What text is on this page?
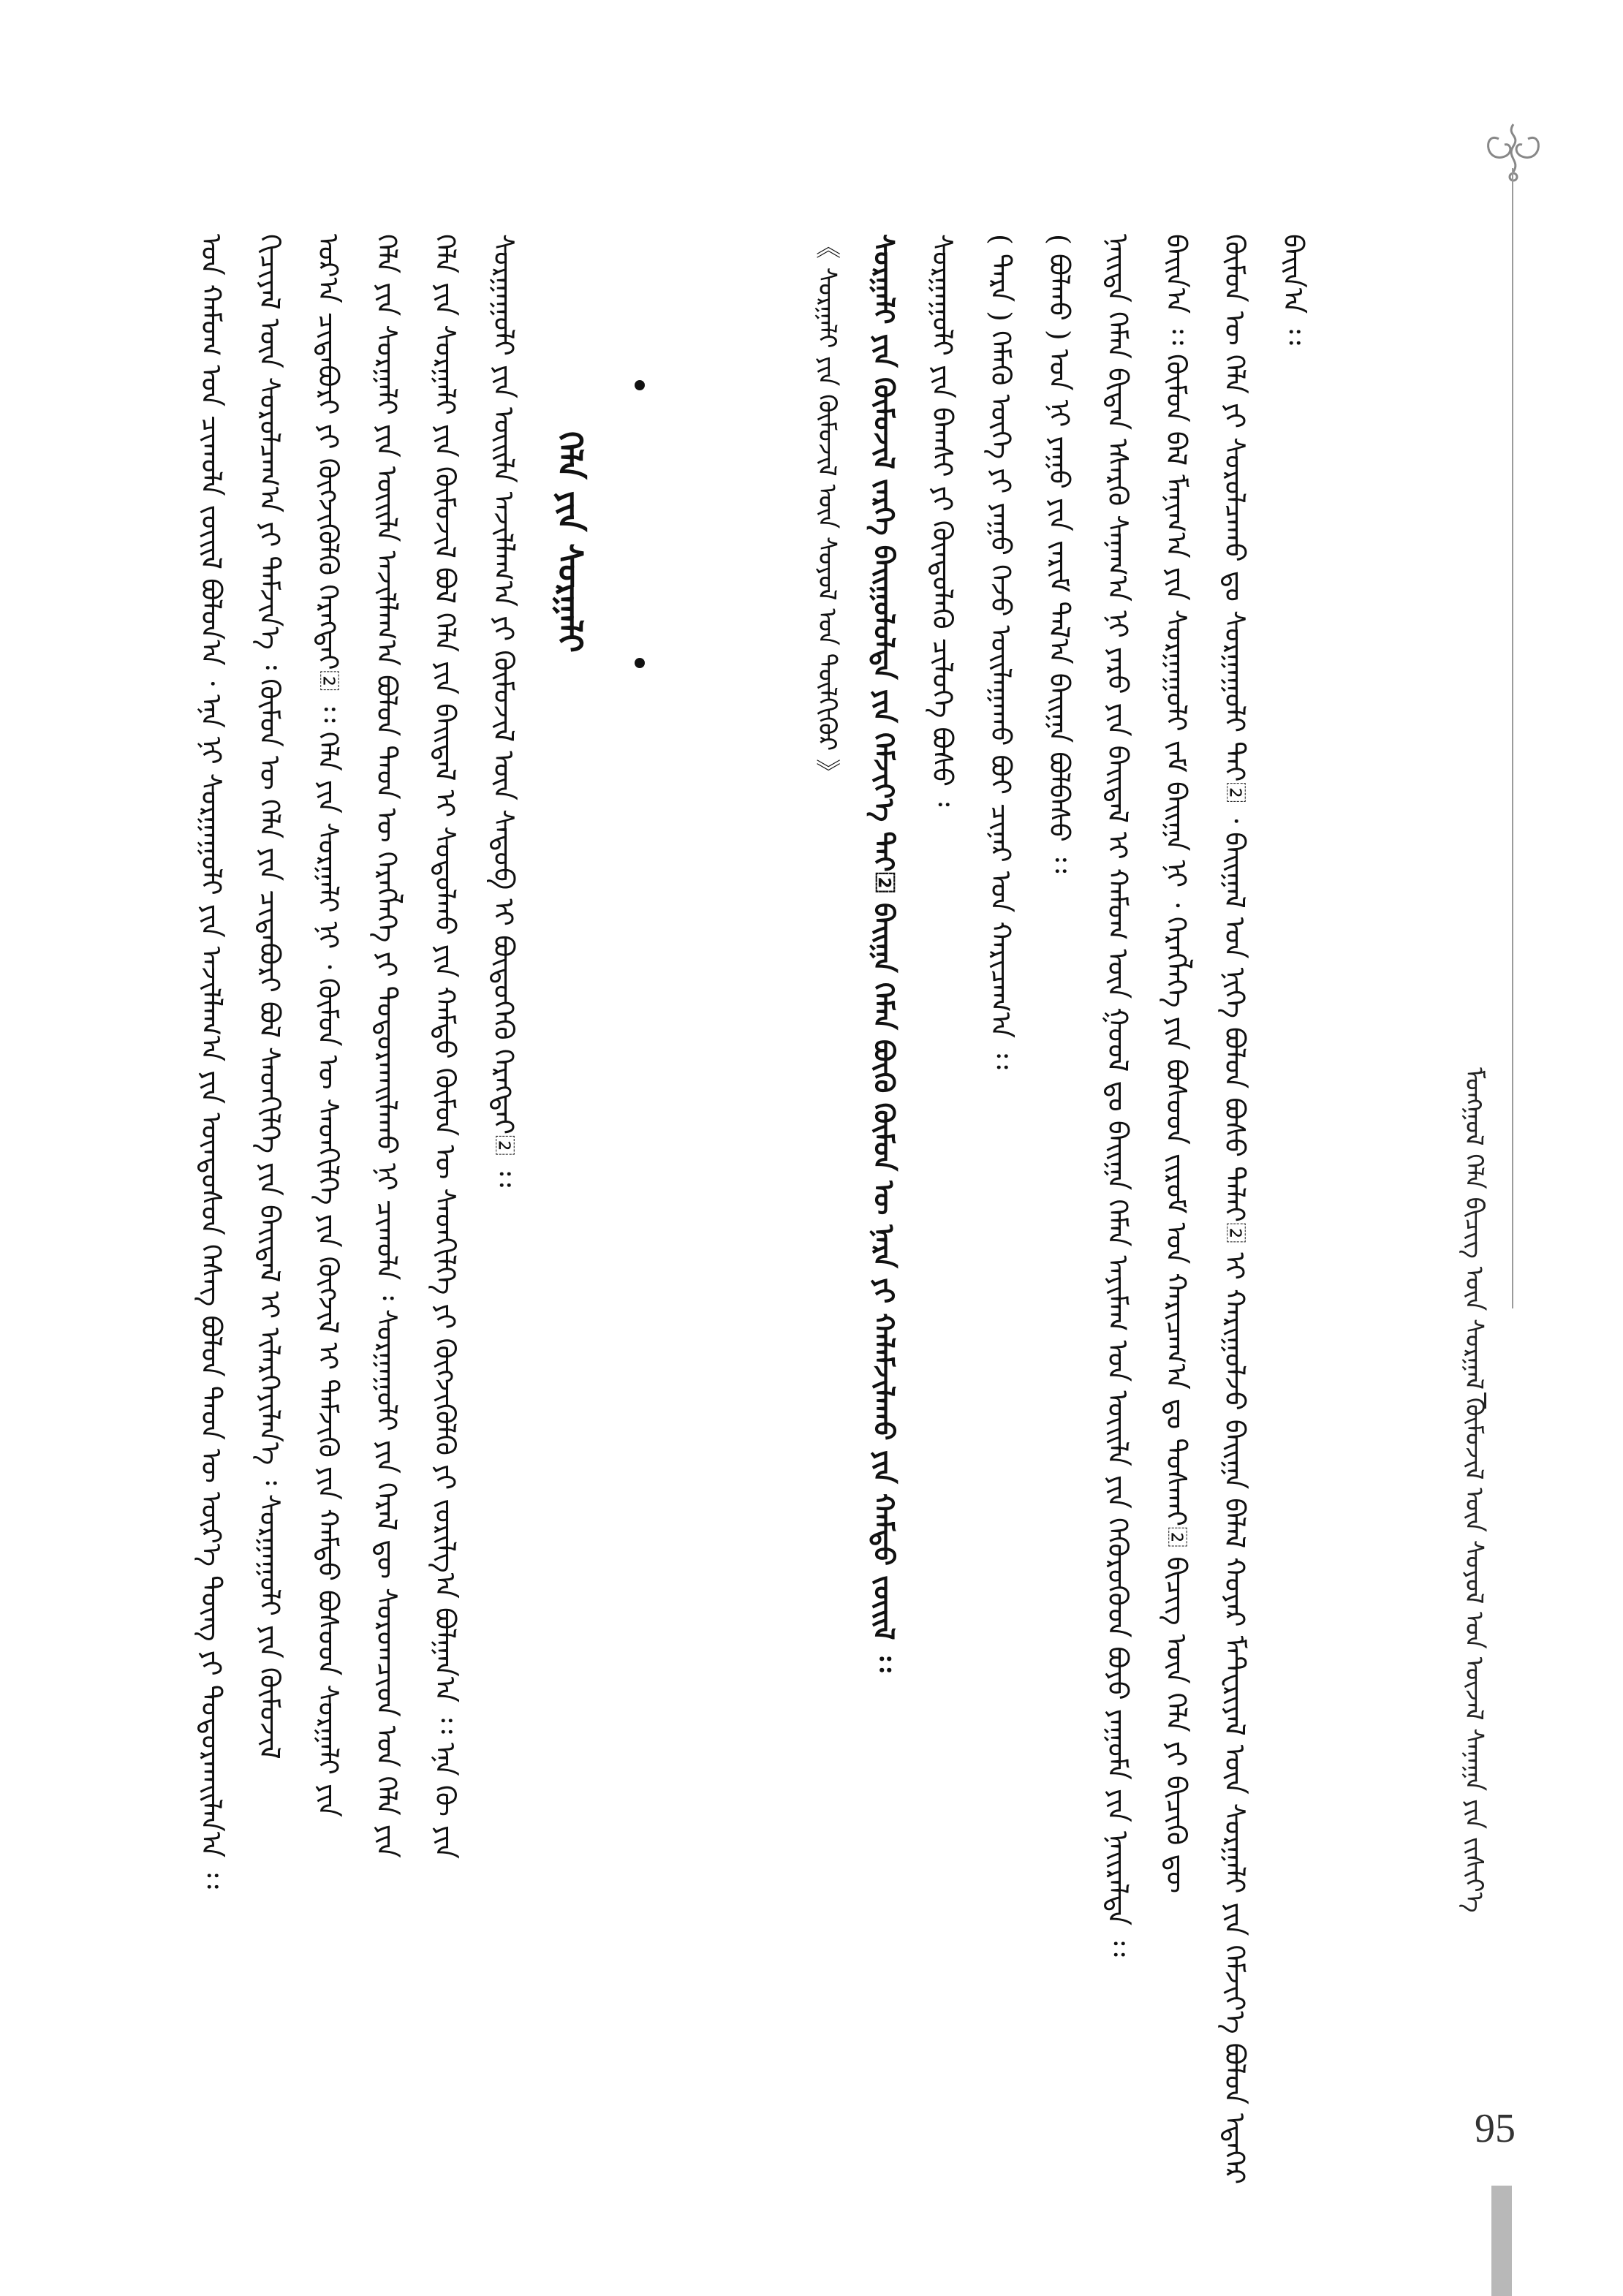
ᠮᠣᠩᠭᠣᠯ ᠬᠡᠯᠡ ᠪᠢᠴᠢᠭ ᠦᠨ ᠰᠤᠷᠭᠠᠯ ᠬᠦᠮᠦᠵᠢᠯ ᠦᠨ ᠰᠣᠶᠤᠯ ᠤᠨ ᠦᠵᠡᠯ ᠰᠠᠨᠠᠭᠠ ᠶᠢᠨ ᠵᠢᠱᠢᠶ᠎ᠡ
ᠪᠠᠢ᠌ᠨ᠎ᠠ ᠄᠄
ᠬᠦᠮᠦᠨ ᠦ ᠬᠡᠯᠡ ᠶᠢ ᠰᠤᠷᠤᠯᠴᠠᠬᠤ ᠳᠤ ᠰᠤᠷᠭᠠᠭᠤᠯᠢ ᠲᠠᠢ᠌ ᠂ ᠪᠠᠢ᠌ᠭᠠᠯ ᠤᠨ ᠨᠢᠭᠡ ᠪᠣᠯᠣᠨ ᠪᠤᠰᠤ ᠳᠠᠯᠠᠢ᠌ ᠢ ᠬᠠᠷᠢᠭᠤᠯᠵᠤ ᠪᠠᠢ᠌ᠭᠠ ᠪᠡᠯᠡᠯ ᠬᠣᠶᠠᠷ ᠮᠠᠲ᠋ᠧᠷᠢᠶᠠᠯ ᠦᠨ ᠰᠤᠷᠭᠠᠯᠢ ᠶᠢᠨ ᠬᠡᠮᠵᠢᠶ᠎ᠡ ᠪᠣᠯᠤᠨ ᠡᠳᠡᠭᠡᠷ
ᠪᠠᠢ᠌ᠨ᠎ᠠ ᠄᠄ ᠬᠦᠮᠦᠨ ᠪᠠᠯ ᠮᠠᠨᠢᠭ᠎ᠠ ᠶᠢᠨ ᠰᠤᠷᠭᠠᠭᠤᠯᠢ ᠵᠠᠮ ᠪᠠᠢ᠌ᠭᠠ ᠨᠢ ᠂ ᠬᠡᠷᠡᠭᠯᠡᠭᠡ ᠶᠢᠨ ᠪᠤᠰᠤᠳ ᠵᠢᠷᠤᠮ ᠤᠨ ᠬᠠᠷᠢᠴᠠᠭ᠎ᠠ ᠳᠤ ᠲᠤᠰᠬᠠᠢ᠌ ᠪᠢᠴᠢᠭ ᠦᠨ ᠬᠡᠯᠡ ᠶᠢ ᠪᠢᠴᠢᠬᠦ ᠳᠦ
ᠨᠡᠢ᠌ᠲᠡ ᠬᠡᠮᠡᠨ ᠪᠢᠳᠡᠨ ᠡᠰᠡᠷᠭᠦ ᠰᠠᠨᠠᠭ᠎ᠠ ᠨᠢ ᠶᠡᠷᠦ ᠶᠢᠨ ᠪᠠᠢ᠌ᠳᠠᠯ ᠢ ᠬᠠᠮᠤᠭ ᠦᠨ ᠭᠣᠣᠯ ᠳᠤ ᠪᠠᠢ᠌ᠭᠠ ᠬᠡᠮᠡᠨ ᠠᠶᠢᠮᠠᠭ ᠤᠨ ᠦᠢ᠌ᠯᠡ ᠶᠢᠨ ᠬᠡᠭᠦᠷᠦᠭᠦᠳ ᠪᠤᠶᠤ ᠶᠠᠭᠤᠮᠠ ᠶᠢᠨ ᠨᠠᠢ᠌ᠷᠠᠯᠲᠠ ᠄᠄
( ᠪᠣᠯᠬᠤ ) ᠤᠨ ᠨᠢ ᠶᠠᠭᠤ ᠶᠢᠨ ᠵᠠᠷᠢᠮ ᠲᠠᠯ᠎ᠠ ᠪᠠᠢ᠌ᠭᠠ ᠪᠣᠯᠪᠠᠰᠤ ᠄᠄
( ᠲᠡᠷᠡ ) ᠬᠡᠮᠡᠬᠦ ᠦᠭᠡ ᠶᠢ ᠶᠠᠭᠤ ᠭᠡᠵᠦ ᠣᠢ᠌ᠯᠠᠭᠠᠬᠤ ᠪᠤᠢ ᠴᠢᠨᠠᠷ ᠤᠨ ᠬᠠᠷᠢᠴᠠᠭ᠎ᠠ ᠄᠄
ᠰᠤᠷᠭᠠᠭᠤᠯᠢ ᠶᠢᠨ ᠪᠠᠭᠰᠢ ᠶᠢ ᠬᠦᠨᠳᠦᠯᠡᠬᠦ ᠴᠢᠯᠦᠭᠡ ᠪᠤᠰᠤ ᠄
ᠰᠤᠷᠭᠠᠯᠢ ᠶᠢᠨ ᠬᠦᠮᠦᠵᠢᠯ ᠵᠡᠷᠭᠡ ᠪᠠᠢ᠌ᠭᠤᠯᠤᠯᠲᠠ ᠶᠢᠨ ᠬᠡᠮᠵᠢᠶ᠎ᠡ ᠲᠠᠢ᠌ ᠪᠠᠢ᠌ᠭᠠ ᠬᠡᠮᠡᠨ ᠪᠦᠬᠦ ᠬᠦᠮᠦᠨ ᠦ ᠨᠡᠷᠡ ᠶᠢ ᠬᠠᠯᠠᠮᠵᠢᠯᠠᠬᠤ ᠶᠢᠨ ᠬᠠᠮᠲᠤ ᠵᠦᠢ᠌ᠯ ᠄᠄
《 ᠰᠤᠷᠭᠠᠯᠢ ᠶᠢᠨ ᠬᠦᠮᠦᠵᠢᠯ ᠦᠨ ᠰᠣᠶᠤᠯ ᠤᠨ ᠲᠦᠯᠬᠢᠭᠦᠷ 》
ᠬᠡᠯᠡ ᠶᠢᠨ ᠰᠤᠷᠭᠠᠯᠢ
ᠰᠤᠷᠭᠠᠭᠤᠯᠢ ᠶᠢᠨ ᠦᠢ᠌ᠯᠡ ᠠᠵᠢᠯᠯᠠᠭ᠎ᠠ ᠶᠢ ᠬᠦᠮᠦᠵᠢᠯ ᠦᠨ ᠰᠡᠳᠦᠪ ᠢ ᠪᠦᠲᠦᠭᠡᠬᠦ ᠬᠡᠷᠡᠭᠲᠡᠢ᠌ ᠄᠄
ᠬᠡᠯᠡ ᠶᠢᠨ ᠰᠤᠷᠭᠠᠯᠢ ᠶᠢᠨ ᠬᠦᠮᠦᠵᠢᠯ ᠪᠣᠯ ᠬᠡᠯᠡ ᠶᠢᠨ ᠪᠠᠢ᠌ᠳᠠᠯ ᠢ ᠰᠤᠳᠤᠯᠬᠤ ᠶᠢᠨ ᠬᠠᠮᠲᠤ ᠬᠦᠮᠦᠨ ᠦ ᠰᠡᠳᠬᠢᠯᠭᠡ ᠶᠢ ᠬᠦᠭᠵᠢᠭᠦᠯᠬᠦ ᠶᠢ ᠵᠣᠷᠢᠯᠭ᠎ᠠ ᠪᠣᠯᠭᠠᠨ᠎ᠠ ᠄᠄ ᠡᠨᠡ ᠬᠦ ᠶᠢᠨ
ᠬᠡᠯᠡ ᠶᠢᠨ ᠰᠤᠷᠭᠠᠯᠢ ᠶᠢᠨ ᠦᠢ᠌ᠯᠡ ᠠᠵᠢᠯᠯᠠᠭ᠎ᠠ ᠪᠣᠯᠤᠨ ᠲᠡᠦᠨ ᠦ ᠬᠡᠷᠡᠭᠯᠡᠭᠡ ᠶᠢ ᠲᠣᠳᠣᠷᠬᠠᠢ᠌ᠯᠠᠬᠤ ᠨᠢ ᠴᠢᠬᠤᠯᠠ ᠄ ᠰᠤᠷᠭᠠᠭᠤᠯᠢ ᠶᠢᠨ ᠭᠡᠷᠡᠯ ᠳᠦ ᠰᠤᠷᠤᠭᠴᠢᠳ ᠤᠨ ᠬᠡᠯᠡ ᠶᠢᠨ
ᠤᠷ᠎ᠠ ᠴᠢᠳᠠᠪᠤᠷᠢ ᠶᠢ ᠬᠦᠭᠵᠢᠭᠦᠯᠬᠦ ᠬᠡᠷᠡᠭᠲᠡᠢ᠌ ᠄᠄ ᠬᠡᠯᠡ ᠶᠢᠨ ᠰᠤᠷᠭᠠᠯᠢ ᠨᠢ ᠂ ᠬᠦᠮᠦᠨ ᠦ ᠰᠡᠳᠬᠢᠯᠭᠡ ᠶᠢᠨ ᠬᠦᠭᠵᠢᠯ ᠢ ᠳᠡᠮᠵᠢᠬᠦ ᠶᠢᠨ ᠬᠠᠮᠲᠤ ᠪᠤᠰᠤᠳ ᠰᠤᠷᠭᠠᠯᠢ ᠶᠢᠨ
ᠬᠢᠴᠢᠶᠡᠯ ᠦᠨ ᠰᠤᠷᠤᠯᠴᠠᠭ᠎ᠠ ᠶᠢ ᠳᠡᠮᠵᠢᠨ᠎ᠡ ᠄ ᠬᠦᠮᠦᠨ ᠦ ᠬᠡᠯᠡ ᠶᠢᠨ ᠴᠢᠳᠠᠪᠤᠷᠢ ᠪᠣᠯ ᠰᠡᠳᠬᠢᠯᠭᠡ ᠶᠢᠨ ᠪᠠᠢ᠌ᠳᠠᠯ ᠢ ᠢᠯᠡᠷᠬᠡᠶᠢᠯᠡᠨ᠎ᠡ ᠄ ᠰᠤᠷᠭᠠᠭᠤᠯᠢ ᠶᠢᠨ ᠬᠦᠮᠦᠵᠢᠯ
ᠤᠨ ᠬᠠᠮᠤᠭ ᠤᠨ ᠴᠢᠬᠤᠯᠠ ᠵᠦᠢ᠌ᠯ ᠪᠣᠯᠤᠨ᠎ᠠ ᠂ ᠡᠨᠡ ᠨᠢ ᠰᠤᠷᠭᠠᠭᠤᠯᠢ ᠶᠢᠨ ᠠᠵᠢᠯᠯᠠᠭ᠎ᠠ ᠶᠢᠨ ᠦᠨᠳᠦᠰᠦᠨ ᠬᠡᠰᠡᠭ ᠪᠣᠯᠤᠨ ᠲᠡᠦᠨ ᠦ ᠦᠷ᠎ᠡ ᠳᠦᠩ ᠶᠢ ᠲᠣᠳᠣᠷᠬᠠᠢ᠌ᠯᠠᠨ᠎ᠠ ᠄᠄
95
